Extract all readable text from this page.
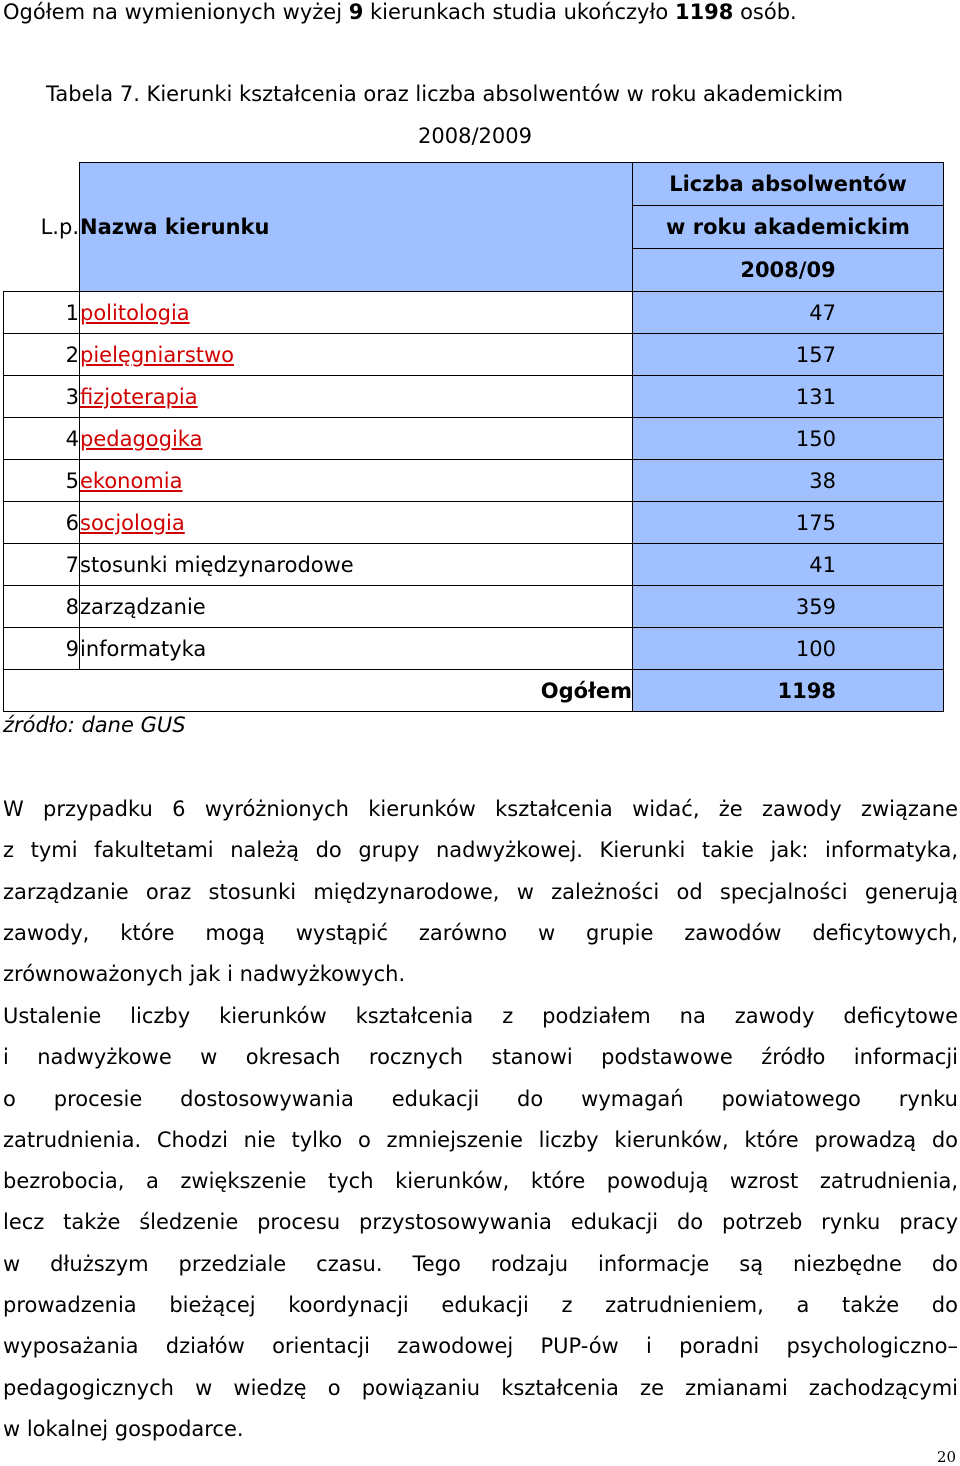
Ogółem na wymienionych wyżej 9 kierunkach studia ukończyło 1198 osób.
Tabela 7. Kierunki kształcenia oraz liczba absolwentów w roku akademickim
2008/2009
L.p.	Nazwa kierunku	Liczba absolwentów
		w roku akademickim
		2008/09
1	politologia	47
2	pielęgniarstwo	157
3	fizjoterapia	131
4	pedagogika	150
5	ekonomia	38
6	socjologia	175
7	stosunki międzynarodowe	41
8	zarządzanie	359
9	informatyka	100
Ogółem		1198
źródło: dane GUS
W przypadku 6 wyróżnionych kierunków kształcenia widać, że zawody związane
z tymi fakultetami należą do grupy nadwyżkowej. Kierunki takie jak: informatyka,
zarządzanie oraz stosunki międzynarodowe, w zależności od specjalności generują
zawody, które mogą wystąpić zarówno w grupie zawodów deficytowych,
zrównoważonych jak i nadwyżkowych.
Ustalenie liczby kierunków kształcenia z podziałem na zawody deficytowe
i nadwyżkowe w okresach rocznych stanowi podstawowe źródło informacji
o procesie dostosowywania edukacji do wymagań powiatowego rynku
zatrudnienia. Chodzi nie tylko o zmniejszenie liczby kierunków, które prowadzą do
bezrobocia, a zwiększenie tych kierunków, które powodują wzrost zatrudnienia,
lecz także śledzenie procesu przystosowywania edukacji do potrzeb rynku pracy
w dłuższym przedziale czasu. Tego rodzaju informacje są niezbędne do
prowadzenia bieżącej koordynacji edukacji z zatrudnieniem, a także do
wyposażania działów orientacji zawodowej PUP-ów i poradni psychologiczno–
pedagogicznych w wiedzę o powiązaniu kształcenia ze zmianami zachodzącymi
w lokalnej gospodarce.
20
